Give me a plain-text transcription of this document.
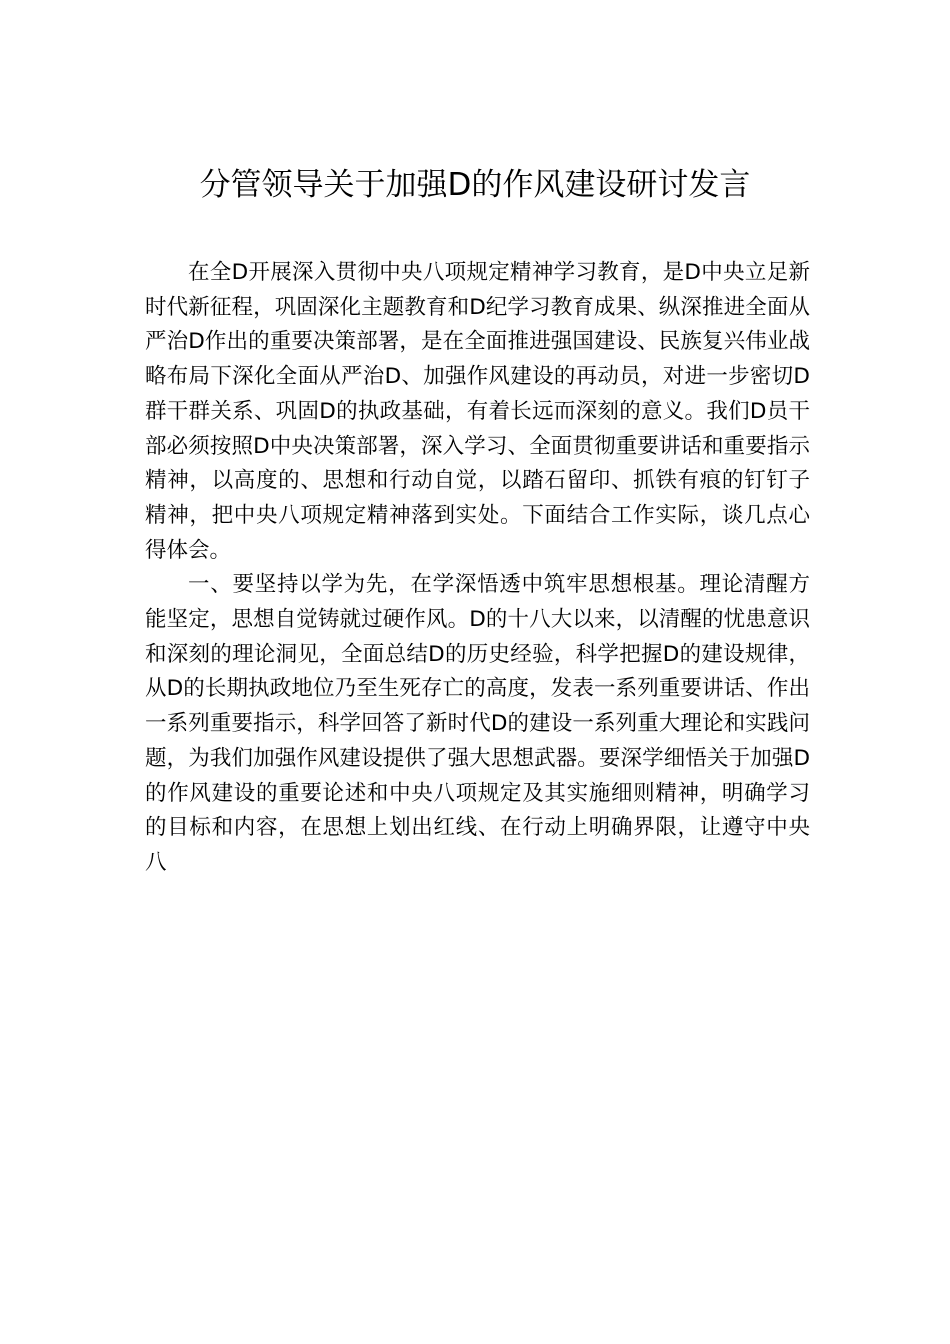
分管领导关于加强D的作风建设研讨发言

在全D开展深入贯彻中央八项规定精神学习教育，是D中央立足新时代新征程，巩固深化主题教育和D纪学习教育成果、纵深推进全面从严治D作出的重要决策部署，是在全面推进强国建设、民族复兴伟业战略布局下深化全面从严治D、加强作风建设的再动员，对进一步密切D群干群关系、巩固D的执政基础，有着长远而深刻的意义。我们D员干部必须按照D中央决策部署，深入学习、全面贯彻重要讲话和重要指示精神，以高度的、思想和行动自觉，以踏石留印、抓铁有痕的钉钉子精神，把中央八项规定精神落到实处。下面结合工作实际，谈几点心得体会。

一、要坚持以学为先，在学深悟透中筑牢思想根基。理论清醒方能坚定，思想自觉铸就过硬作风。D的十八大以来，以清醒的忧患意识和深刻的理论洞见，全面总结D的历史经验，科学把握D的建设规律，从D的长期执政地位乃至生死存亡的高度，发表一系列重要讲话、作出一系列重要指示，科学回答了新时代D的建设一系列重大理论和实践问题，为我们加强作风建设提供了强大思想武器。要深学细悟关于加强D的作风建设的重要论述和中央八项规定及其实施细则精神，明确学习的目标和内容，在思想上划出红线、在行动上明确界限，让遵守中央八
